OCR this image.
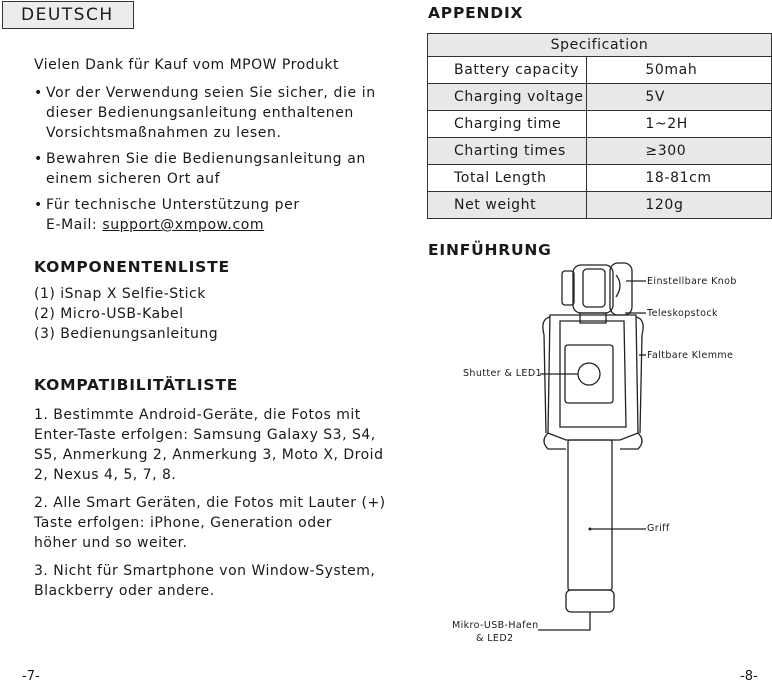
DEUTSCH
Vielen Dank für Kauf vom MPOW Produkt
• Vor der Verwendung seien Sie sicher, die in
dieser Bedienungsanleitung enthaltenen
Vorsichtsmaßnahmen zu lesen.
• Bewahren Sie die Bedienungsanleitung an
einem sicheren Ort auf
• Für technische Unterstützung per
E-Mail: support@xmpow.com
KOMPONENTENLISTE
(1) iSnap X Selfie-Stick
(2) Micro-USB-Kabel
(3) Bedienungsanleitung
KOMPATIBILITÄTLISTE
1. Bestimmte Android-Geräte, die Fotos mit
Enter-Taste erfolgen: Samsung Galaxy S3, S4,
S5, Anmerkung 2, Anmerkung 3, Moto X, Droid
2, Nexus 4, 5, 7, 8.
2. Alle Smart Geräten, die Fotos mit Lauter (+)
Taste erfolgen: iPhone, Generation oder
höher und so weiter.
3. Nicht für Smartphone von Window-System,
Blackberry oder andere.
-7-
APPENDIX
Specification	
Battery capacity	50mah
Charging voltage	5V
Charging time	1~2H
Charting times	≥300
Total Length	18-81cm
Net weight	120g
EINFÜHRUNG
Einstellbare Knob
Teleskopstock
Faltbare Klemme
Shutter & LED1
Griff
Mikro-USB-Hafen
& LED2
-8-
